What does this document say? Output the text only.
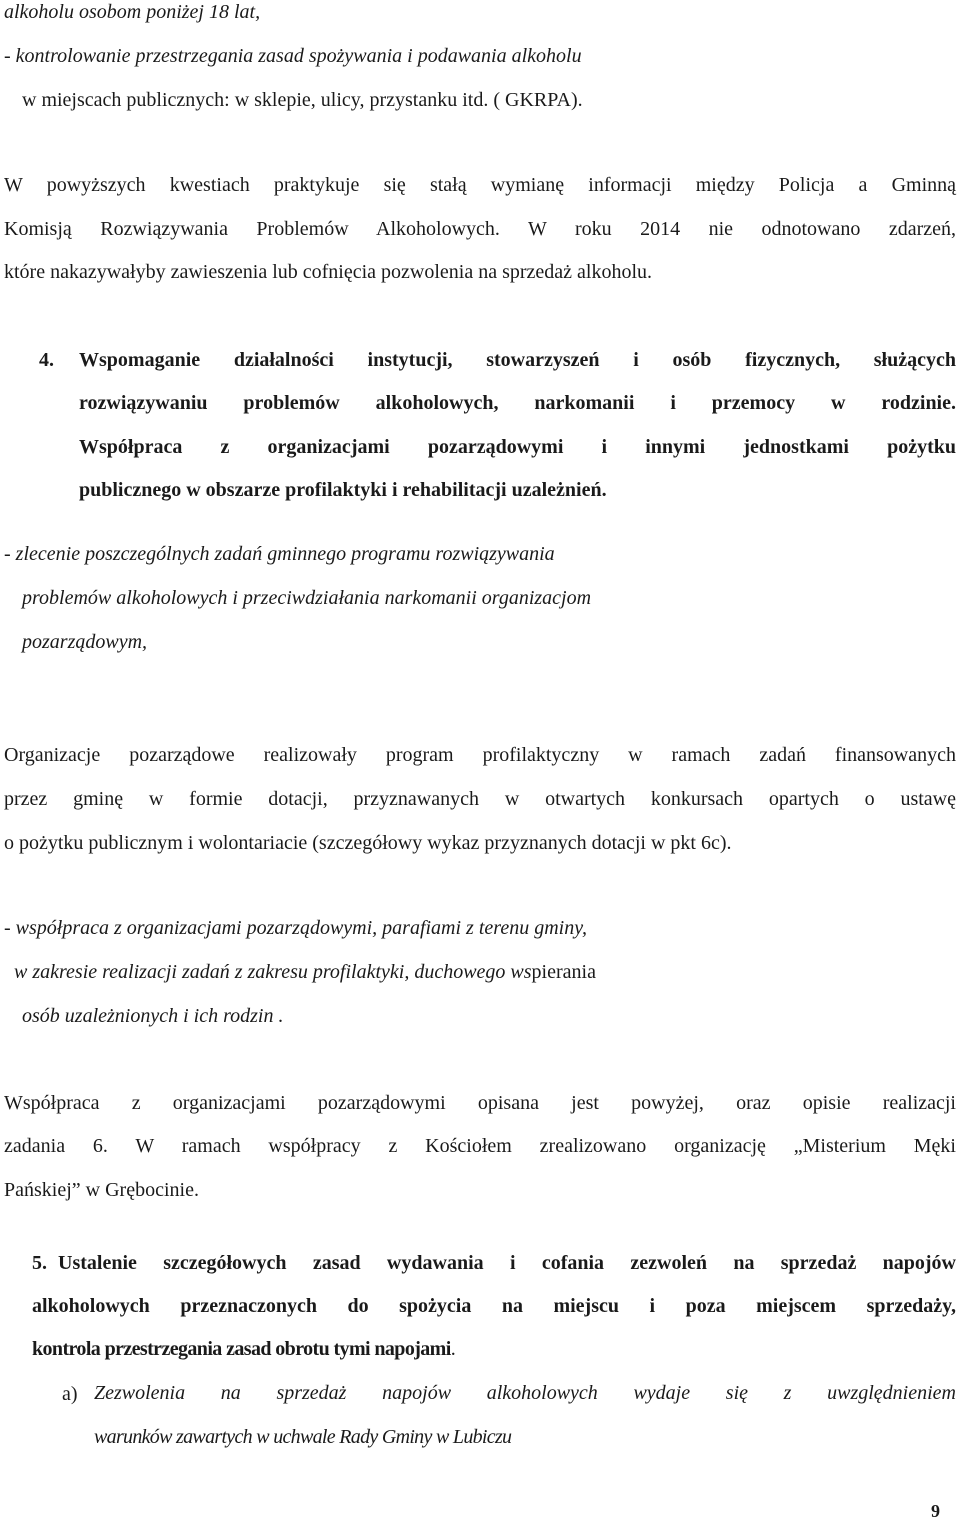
alkoholu osobom poniżej 18 lat,
- kontrolowanie przestrzegania zasad spożywania i podawania alkoholu
w miejscach publicznych: w sklepie, ulicy, przystanku itd. ( GKRPA).
W powyższych kwestiach praktykuje się stałą wymianę informacji między Policja a Gminną
Komisją Rozwiązywania Problemów Alkoholowych. W roku 2014 nie odnotowano zdarzeń,
które nakazywałyby zawieszenia lub cofnięcia pozwolenia na sprzedaż alkoholu.
4. Wspomaganie działalności instytucji, stowarzyszeń i osób fizycznych, służących
rozwiązywaniu problemów alkoholowych, narkomanii i przemocy w rodzinie.
Współpraca z organizacjami pozarządowymi i innymi jednostkami pożytku
publicznego w obszarze profilaktyki i rehabilitacji uzależnień.
- zlecenie poszczególnych zadań gminnego programu rozwiązywania
problemów alkoholowych i przeciwdziałania narkomanii organizacjom
pozarządowym,
Organizacje pozarządowe realizowały program profilaktyczny w ramach zadań finansowanych
przez gminę w formie dotacji, przyznawanych w otwartych konkursach opartych o ustawę
o pożytku publicznym i wolontariacie (szczegółowy wykaz przyznanych dotacji w pkt 6c).
- współpraca z organizacjami pozarządowymi, parafiami z terenu gminy,
w zakresie realizacji zadań z zakresu profilaktyki, duchowego wspierania
osób uzależnionych i ich rodzin .
Współpraca z organizacjami pozarządowymi opisana jest powyżej, oraz opisie realizacji
zadania 6. W ramach współpracy z Kościołem zrealizowano organizację „Misterium Męki
Pańskiej” w Grębocinie.
5. Ustalenie szczegółowych zasad wydawania i cofania zezwoleń na sprzedaż napojów
alkoholowych przeznaczonych do spożycia na miejscu i poza miejscem sprzedaży,
kontrola przestrzegania zasad obrotu tymi napojami.
a) Zezwolenia na sprzedaż napojów alkoholowych wydaje się z uwzględnieniem
warunków zawartych w uchwale Rady Gminy w Lubiczu
9
